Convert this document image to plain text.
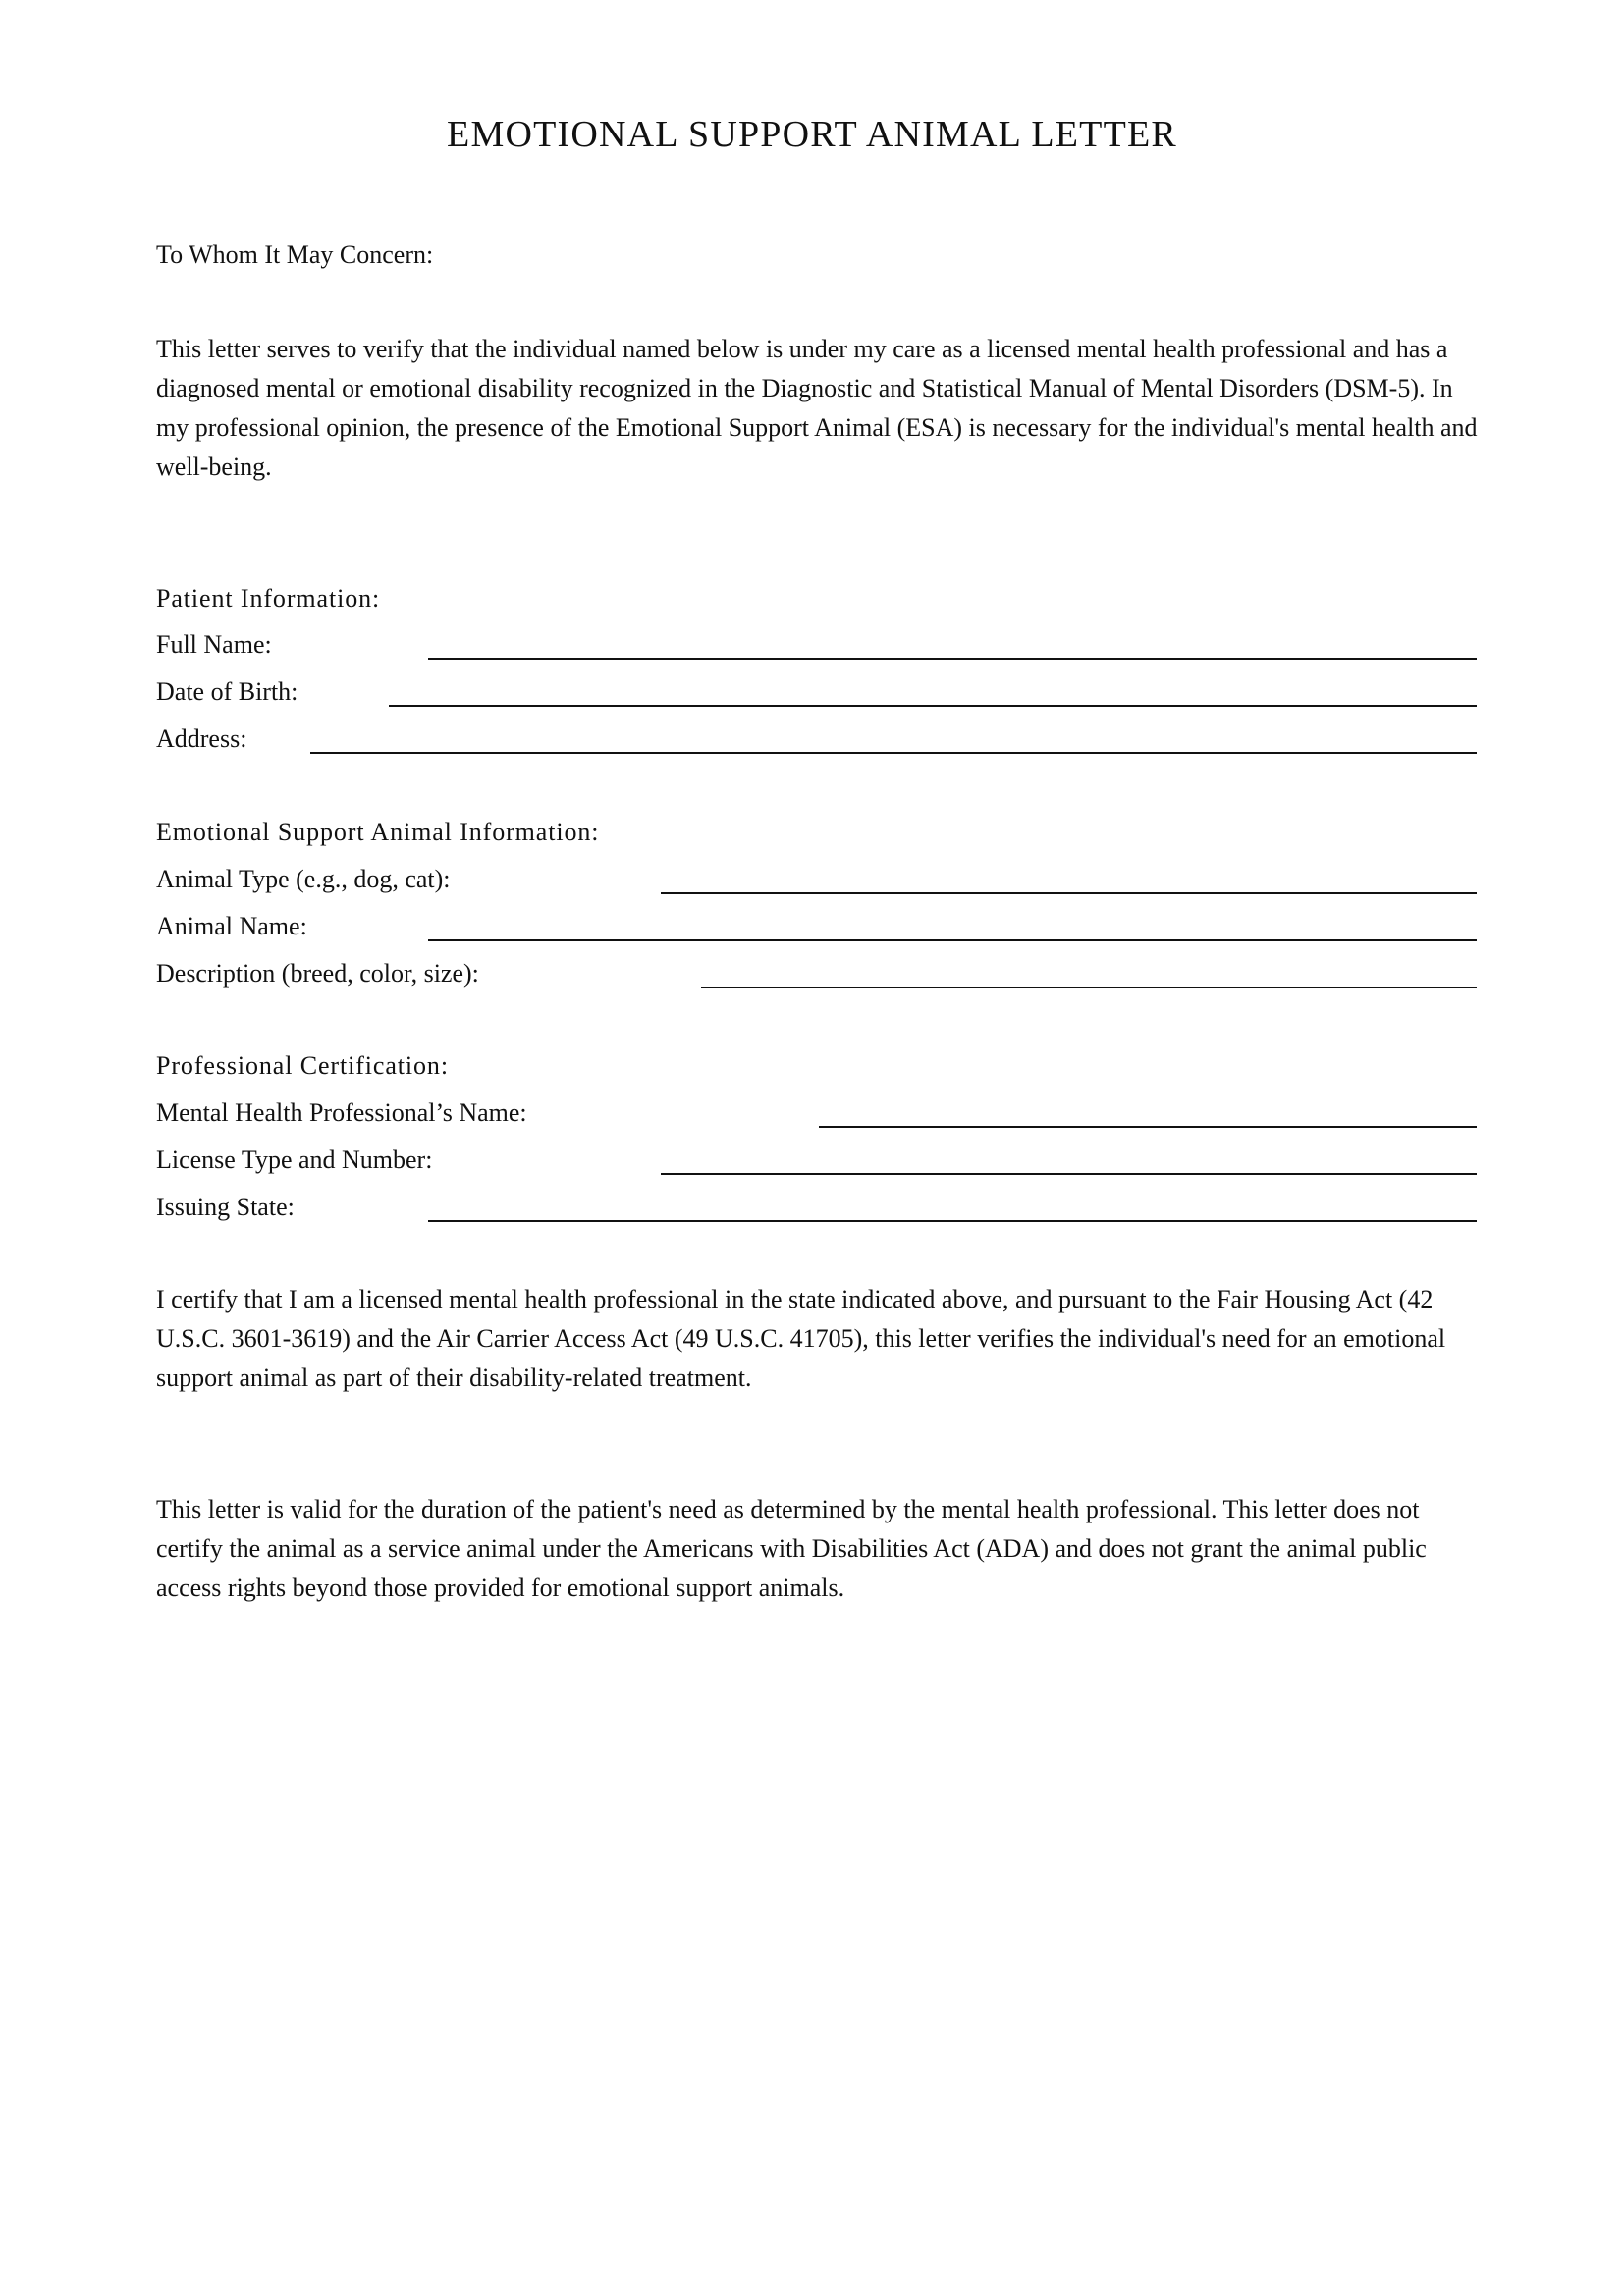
EMOTIONAL SUPPORT ANIMAL LETTER

To Whom It May Concern:

This letter serves to verify that the individual named below is under my care as a licensed mental health professional and has a diagnosed mental or emotional disability recognized in the Diagnostic and Statistical Manual of Mental Disorders (DSM-5). In my professional opinion, the presence of the Emotional Support Animal (ESA) is necessary for the individual's mental health and well-being.

Patient Information:

Full Name:
Date of Birth:
Address:

Emotional Support Animal Information:

Animal Type (e.g., dog, cat):
Animal Name:
Description (breed, color, size):

Professional Certification:

Mental Health Professional’s Name:
License Type and Number:
Issuing State:

I certify that I am a licensed mental health professional in the state indicated above, and pursuant to the Fair Housing Act (42 U.S.C. 3601-3619) and the Air Carrier Access Act (49 U.S.C. 41705), this letter verifies the individual's need for an emotional support animal as part of their disability-related treatment.

This letter is valid for the duration of the patient's need as determined by the mental health professional. This letter does not certify the animal as a service animal under the Americans with Disabilities Act (ADA) and does not grant the animal public access rights beyond those provided for emotional support animals.
